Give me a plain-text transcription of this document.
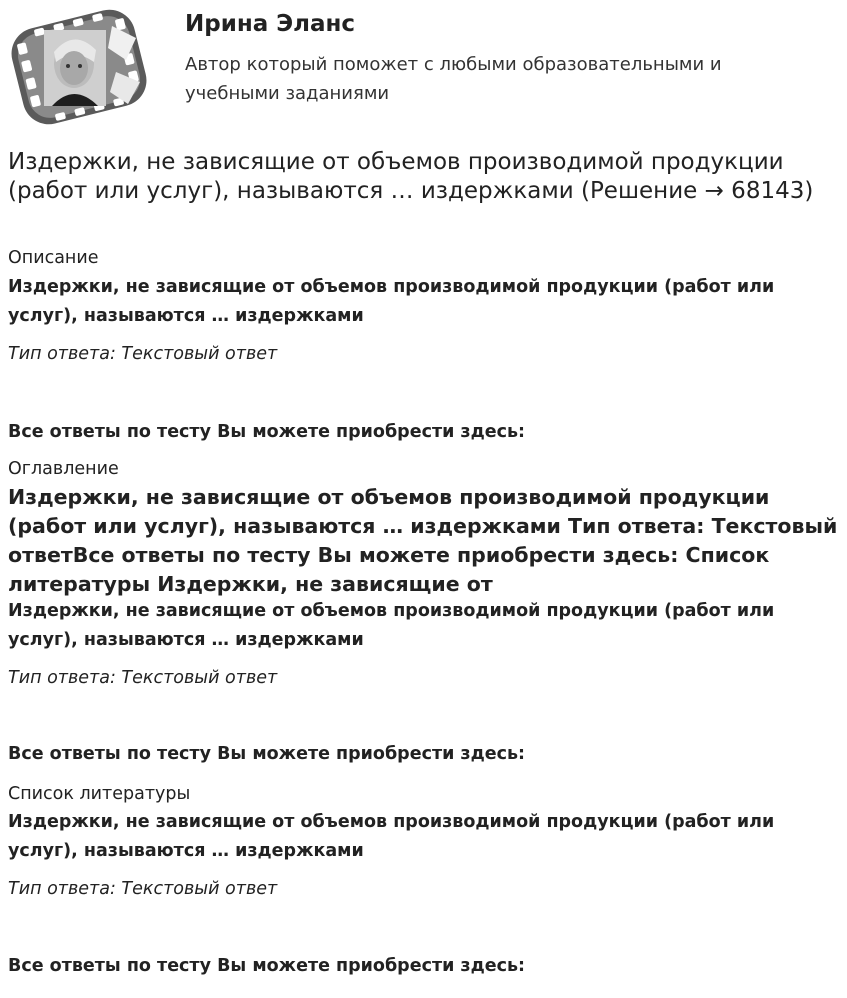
Ирина Эланс
Автор который поможет с любыми образовательными и учебными заданиями
Издержки, не зависящие от объемов производимой продукции (работ или услуг), называются … издержками (Решение → 68143)
Описание
Издержки, не зависящие от объемов производимой продукции (работ или услуг), называются … издержками
Тип ответа: Текстовый ответ
Все ответы по тесту Вы можете приобрести здесь:
Оглавление
Издержки, не зависящие от объемов производимой продукции (работ или услуг), называются … издержками Тип ответа: Текстовый ответВсе ответы по тесту Вы можете приобрести здесь: Список литературы Издержки, не зависящие от
Издержки, не зависящие от объемов производимой продукции (работ или услуг), называются … издержками
Тип ответа: Текстовый ответ
Все ответы по тесту Вы можете приобрести здесь:
Список литературы
Издержки, не зависящие от объемов производимой продукции (работ или услуг), называются … издержками
Тип ответа: Текстовый ответ
Все ответы по тесту Вы можете приобрести здесь:
